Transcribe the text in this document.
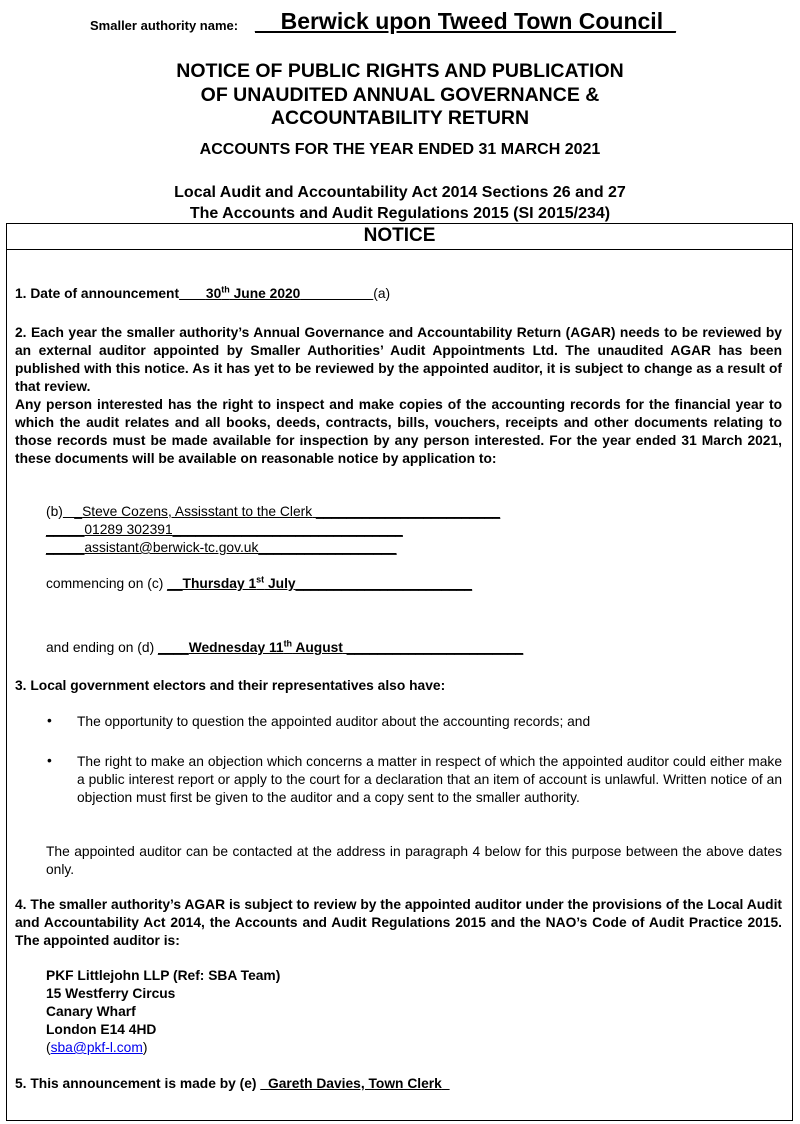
Smaller authority name: __Berwick upon Tweed Town Council_
NOTICE OF PUBLIC RIGHTS AND PUBLICATION
OF UNAUDITED ANNUAL GOVERNANCE &
ACCOUNTABILITY RETURN
ACCOUNTS FOR THE YEAR ENDED 31 MARCH 2021
Local Audit and Accountability Act 2014 Sections 26 and 27
The Accounts and Audit Regulations 2015 (SI 2015/234)
NOTICE
1. Date of announcement___ 30th June 2020_ ________(a)
2. Each year the smaller authority’s Annual Governance and Accountability Return (AGAR) needs to be reviewed by an external auditor appointed by Smaller Authorities’ Audit Appointments Ltd. The unaudited AGAR has been published with this notice. As it has yet to be reviewed by the appointed auditor, it is subject to change as a result of that review.
Any person interested has the right to inspect and make copies of the accounting records for the financial year to which the audit relates and all books, deeds, contracts, bills, vouchers, receipts and other documents relating to those records must be made available for inspection by any person interested. For the year ended 31 March 2021, these documents will be available on reasonable notice by application to:
(b)   _Steve Cozens, Assisstant to the Clerk ________________________
_____01289 302391______________________________
_____assistant@berwick-tc.gov.uk__________________
commencing on (c) __Thursday 1st July_______________________
and ending on (d) ____Wednesday 11th August _______________________
3. Local government electors and their representatives also have:
• The opportunity to question the appointed auditor about the accounting records; and
• The right to make an objection which concerns a matter in respect of which the appointed auditor could either make a public interest report or apply to the court for a declaration that an item of account is unlawful. Written notice of an objection must first be given to the auditor and a copy sent to the smaller authority.
The appointed auditor can be contacted at the address in paragraph 4 below for this purpose between the above dates only.
4. The smaller authority’s AGAR is subject to review by the appointed auditor under the provisions of the Local Audit and Accountability Act 2014, the Accounts and Audit Regulations 2015 and the NAO’s Code of Audit Practice 2015. The appointed auditor is:
PKF Littlejohn LLP (Ref: SBA Team)
15 Westferry Circus
Canary Wharf
London E14 4HD
(sba@pkf-l.com)
5. This announcement is made by (e) _Gareth Davies, Town Clerk_
